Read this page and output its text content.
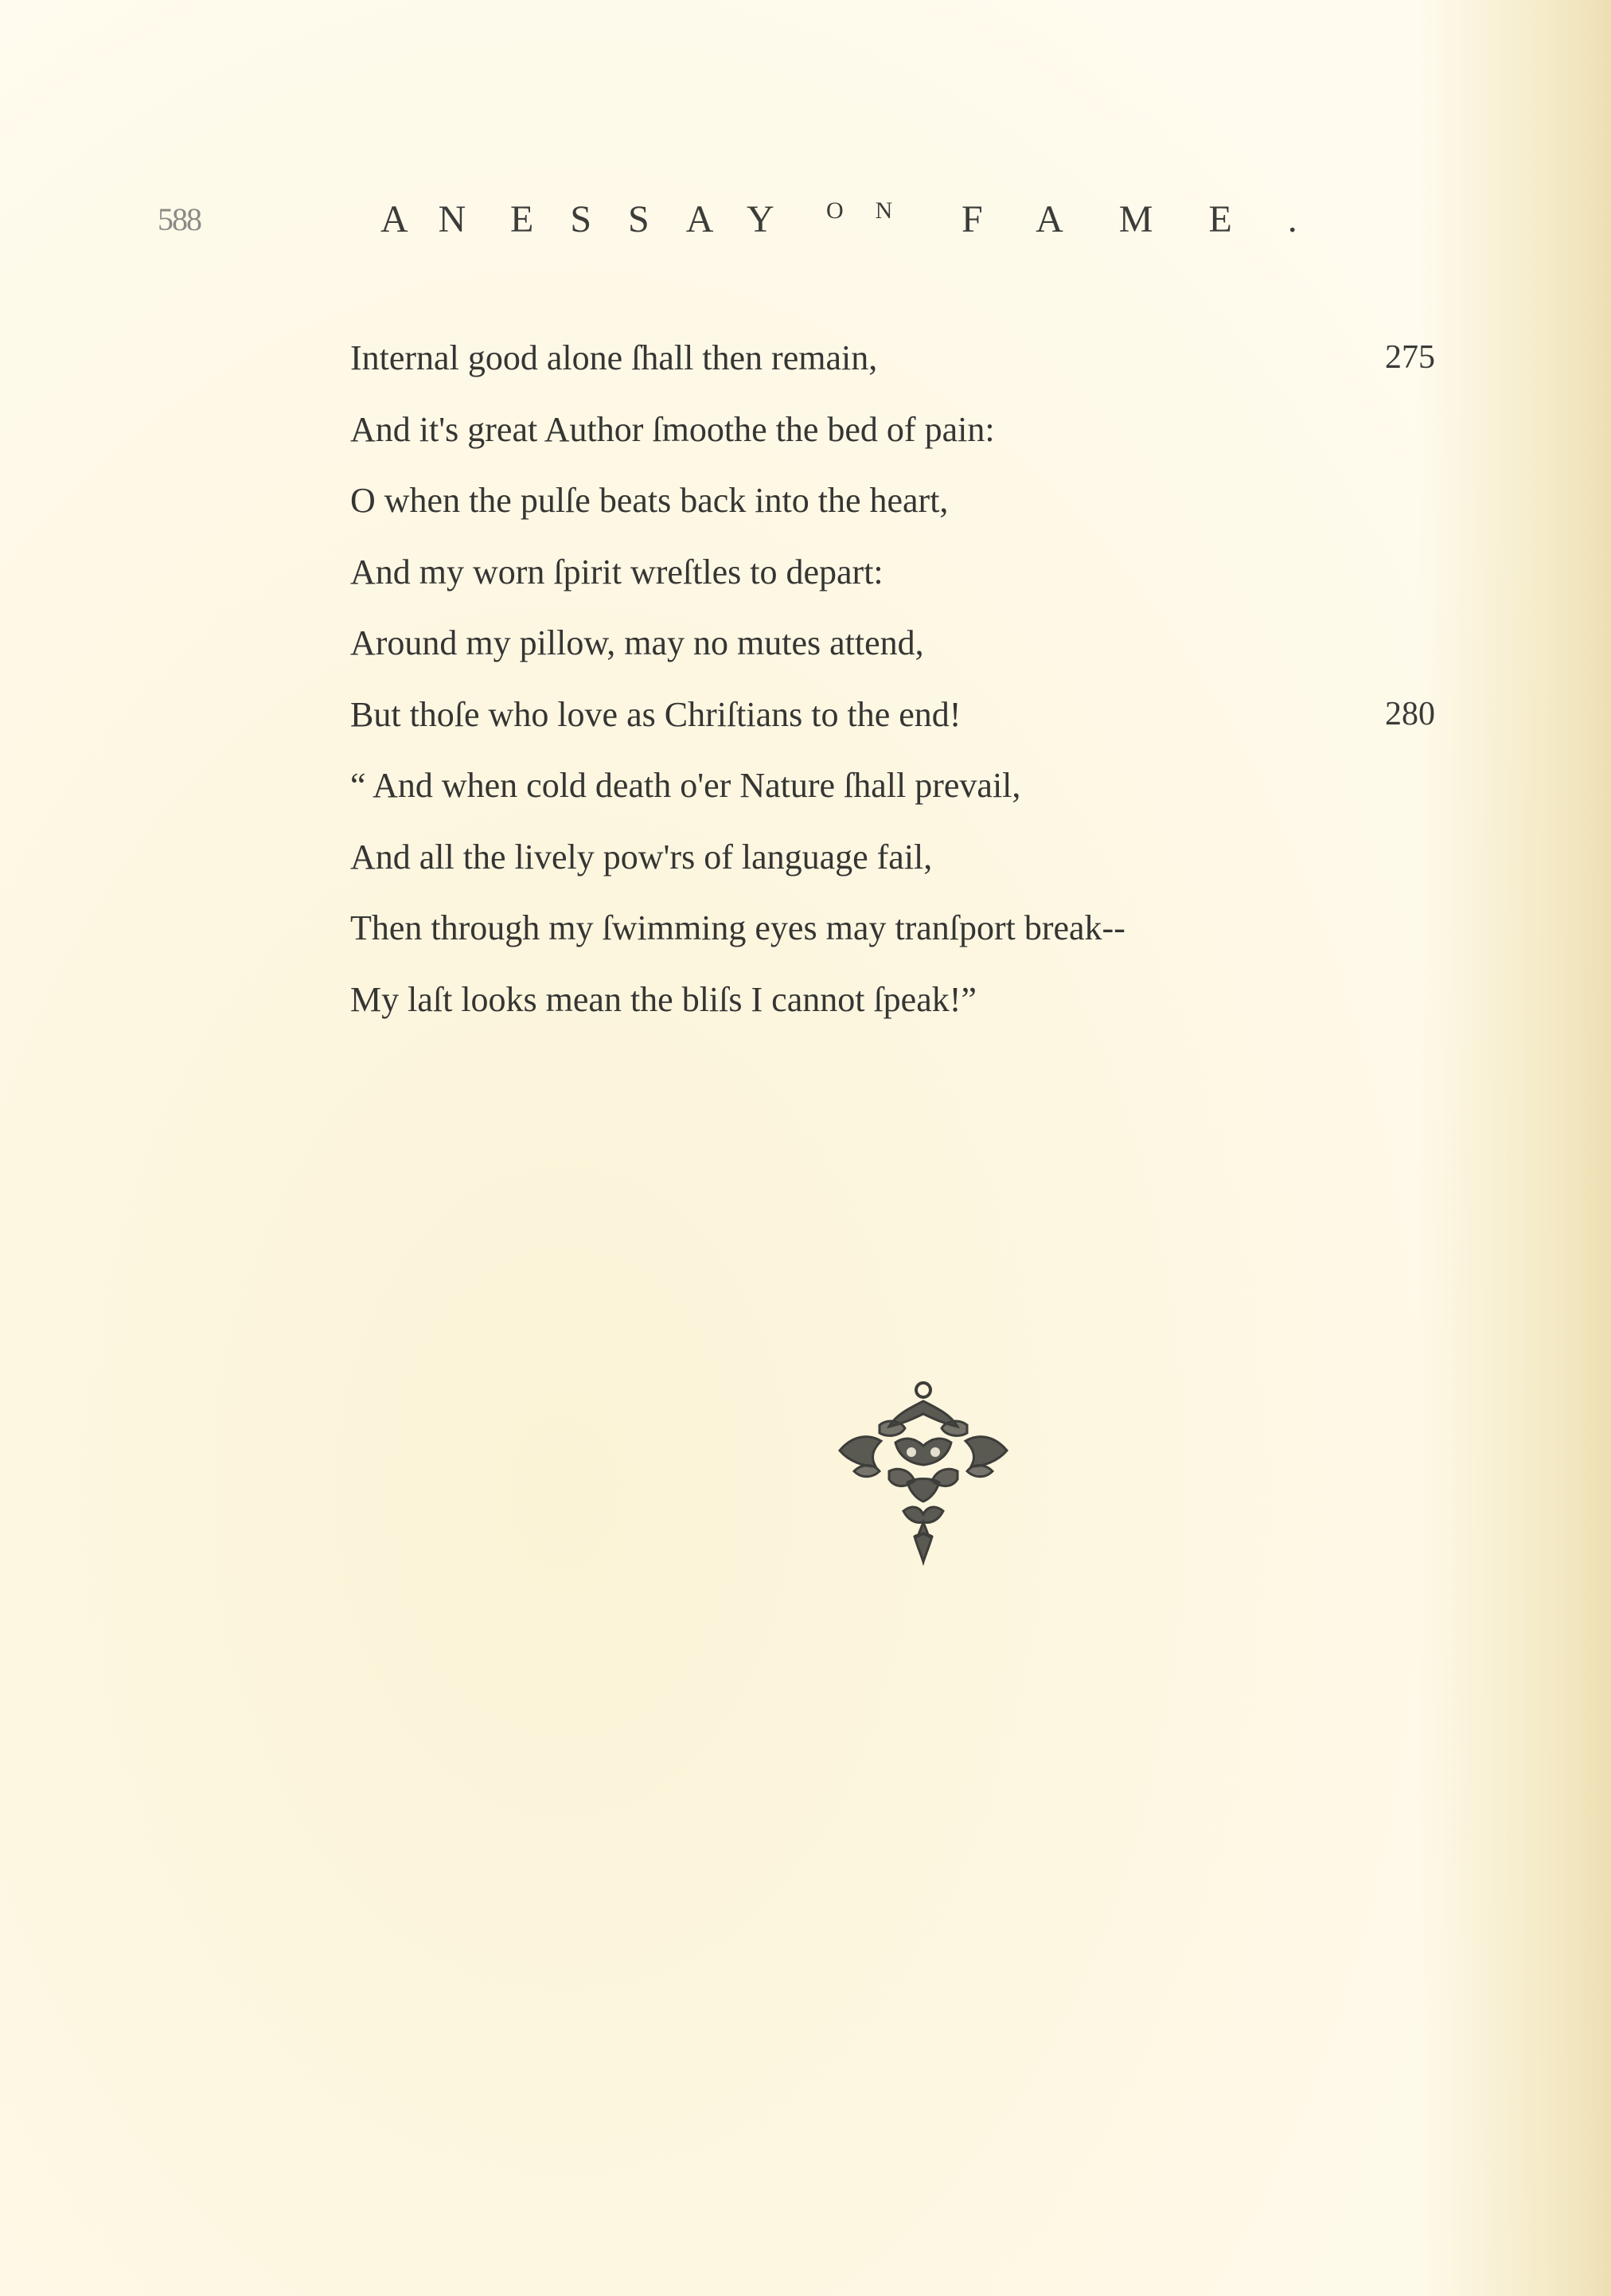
588	AN ESSAY ON FAME.
Internal good alone ſhall then remain,	275
And it's great Author ſmoothe the bed of pain:
O when the pulſe beats back into the heart,
And my worn ſpirit wreſtles to depart:
Around my pillow, may no mutes attend,
But thoſe who love as Chriſtians to the end!	280
“ And when cold death o'er Nature ſhall prevail,
And all the lively pow'rs of language fail,
Then through my ſwimming eyes may tranſport break--
My laſt looks mean the bliſs I cannot ſpeak!”
